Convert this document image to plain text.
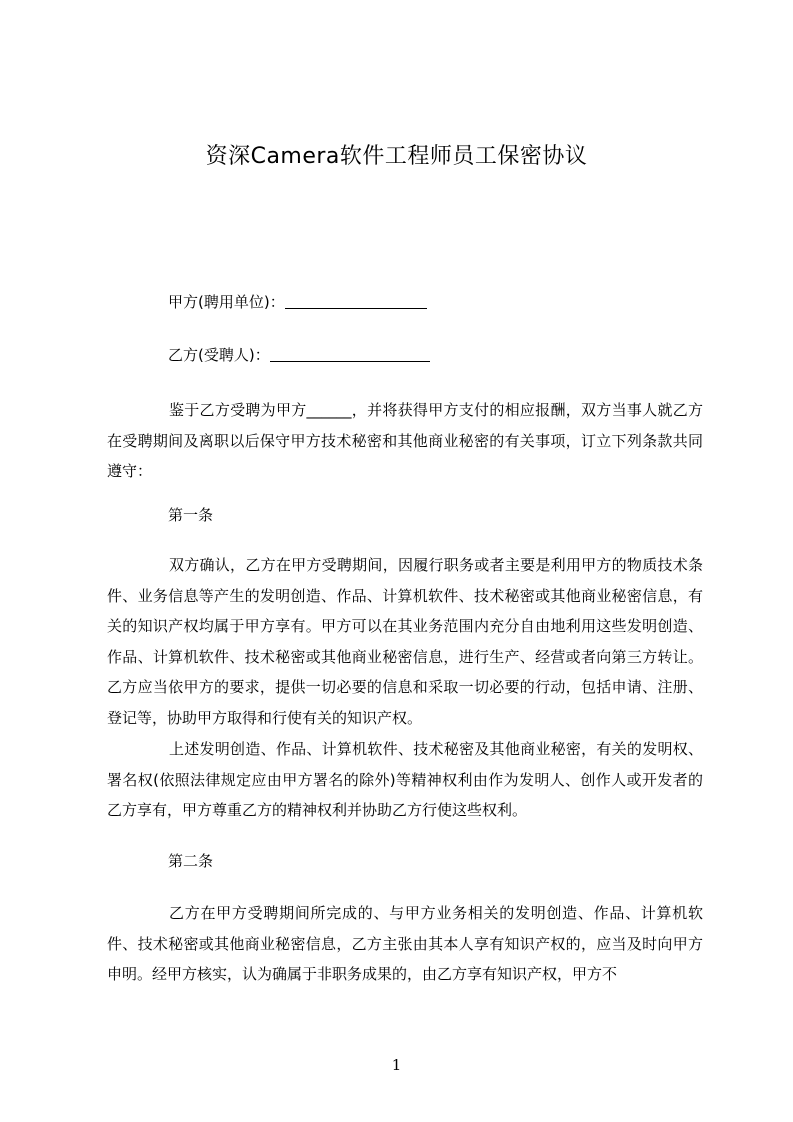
资深Camera软件工程师员工保密协议
甲方(聘用单位)：
乙方(受聘人)：

鉴于乙方受聘为甲方______，并将获得甲方支付的相应报酬，双方当事人就乙方在受聘期间及离职以后保守甲方技术秘密和其他商业秘密的有关事项，订立下列条款共同遵守：

第一条

双方确认，乙方在甲方受聘期间，因履行职务或者主要是利用甲方的物质技术条件、业务信息等产生的发明创造、作品、计算机软件、技术秘密或其他商业秘密信息，有关的知识产权均属于甲方享有。甲方可以在其业务范围内充分自由地利用这些发明创造、作品、计算机软件、技术秘密或其他商业秘密信息，进行生产、经营或者向第三方转让。乙方应当依甲方的要求，提供一切必要的信息和采取一切必要的行动，包括申请、注册、登记等，协助甲方取得和行使有关的知识产权。

上述发明创造、作品、计算机软件、技术秘密及其他商业秘密，有关的发明权、署名权(依照法律规定应由甲方署名的除外)等精神权利由作为发明人、创作人或开发者的乙方享有，甲方尊重乙方的精神权利并协助乙方行使这些权利。

第二条

乙方在甲方受聘期间所完成的、与甲方业务相关的发明创造、作品、计算机软件、技术秘密或其他商业秘密信息，乙方主张由其本人享有知识产权的，应当及时向甲方申明。经甲方核实，认为确属于非职务成果的，由乙方享有知识产权，甲方不

1
